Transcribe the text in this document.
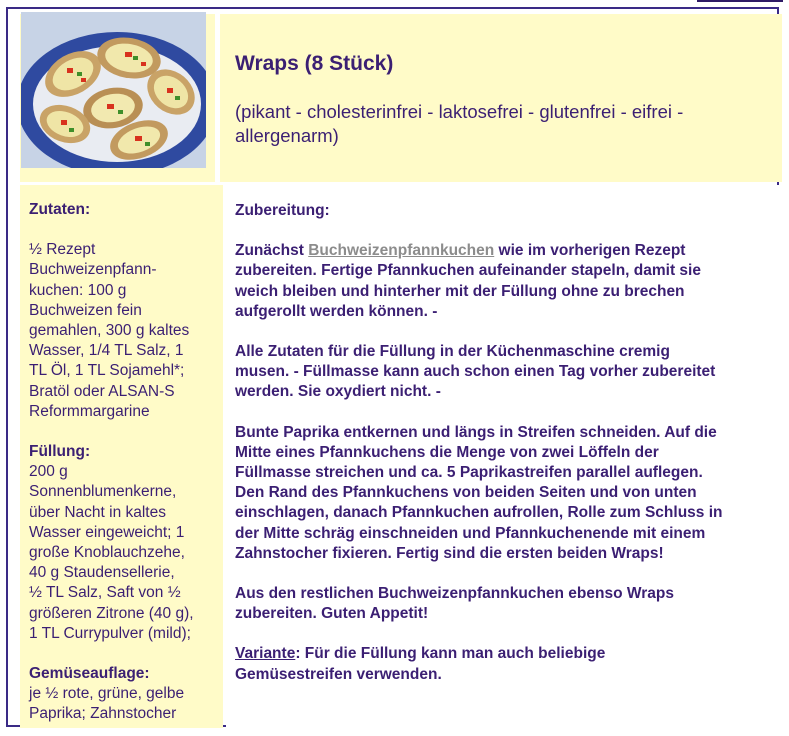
Wraps (8 Stück)

(pikant - cholesterinfrei - laktosefrei - glutenfrei - eifrei - allergenarm)

Zutaten:

½ Rezept

Buchweizenpfann-

kuchen: 100 g

Buchweizen fein

gemahlen, 300 g kaltes

Wasser, 1/4 TL Salz, 1

TL Öl, 1 TL Sojamehl*;

Bratöl oder ALSAN-S

Reformmargarine

Füllung:

200 g

Sonnenblumenkerne,

über Nacht in kaltes

Wasser eingeweicht; 1

große Knoblauchzehe,

40 g Staudensellerie,

½ TL Salz, Saft von ½

größeren Zitrone (40 g),

1 TL Currypulver (mild);

Gemüseauflage:

je ½ rote, grüne, gelbe

Paprika; Zahnstocher

Zubereitung:

Zunächst Buchweizenpfannkuchen wie im vorherigen Rezept

zubereiten. Fertige Pfannkuchen aufeinander stapeln, damit sie

weich bleiben und hinterher mit der Füllung ohne zu brechen

aufgerollt werden können. -

Alle Zutaten für die Füllung in der Küchenmaschine cremig

musen. - Füllmasse kann auch schon einen Tag vorher zubereitet

werden. Sie oxydiert nicht. -

Bunte Paprika entkernen und längs in Streifen schneiden. Auf die

Mitte eines Pfannkuchens die Menge von zwei Löffeln der

Füllmasse streichen und ca. 5 Paprikastreifen parallel auflegen.

Den Rand des Pfannkuchens von beiden Seiten und von unten

einschlagen, danach Pfannkuchen aufrollen, Rolle zum Schluss in

der Mitte schräg einschneiden und Pfannkuchenende mit einem

Zahnstocher fixieren. Fertig sind die ersten beiden Wraps!

Aus den restlichen Buchweizenpfannkuchen ebenso Wraps

zubereiten. Guten Appetit!

Variante: Für die Füllung kann man auch beliebige

Gemüsestreifen verwenden.
